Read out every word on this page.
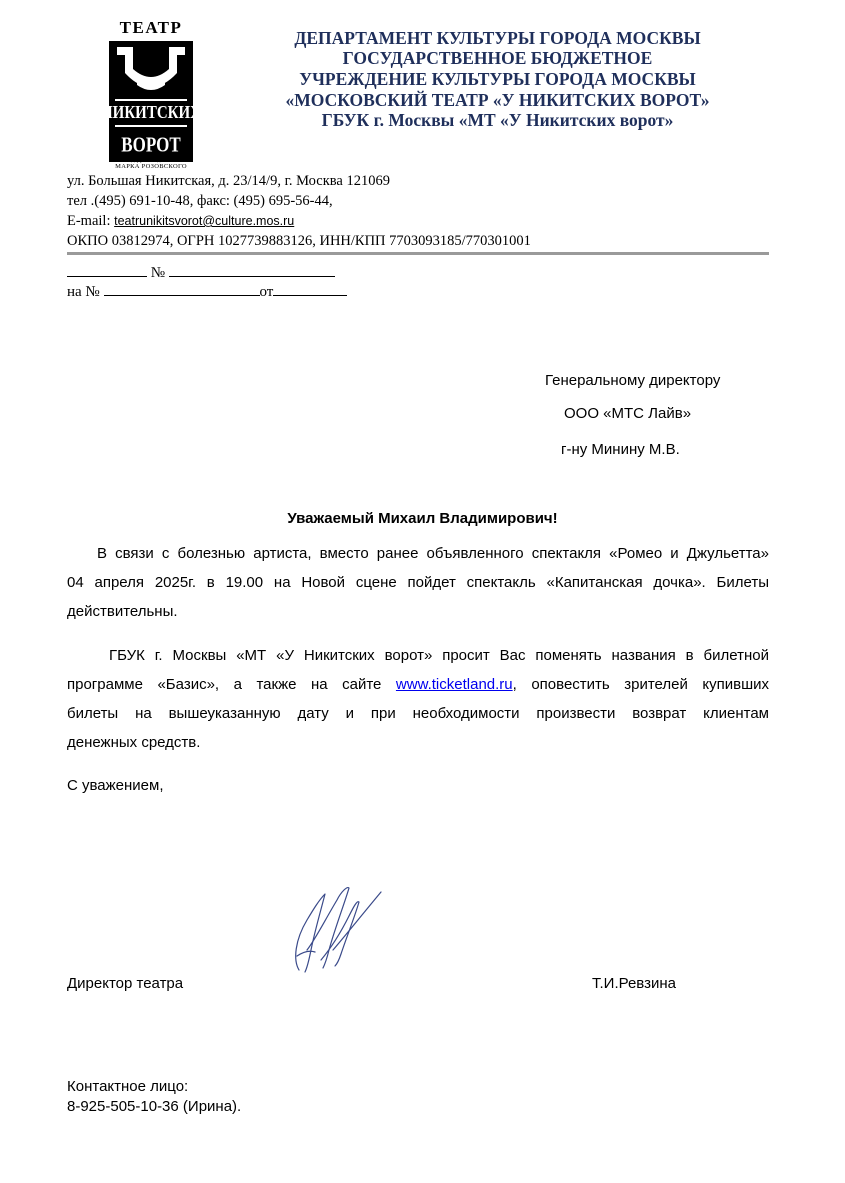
ТЕАТР
НИКИТСКИХ
ВОРОТ
под руководством
МАРКА РОЗОВСКОГО
ДЕПАРТАМЕНТ КУЛЬТУРЫ ГОРОДА МОСКВЫ
ГОСУДАРСТВЕННОЕ БЮДЖЕТНОЕ
УЧРЕЖДЕНИЕ КУЛЬТУРЫ ГОРОДА МОСКВЫ
«МОСКОВСКИЙ ТЕАТР «У НИКИТСКИХ ВОРОТ»
ГБУК г. Москвы «МТ «У Никитских ворот»
ул. Большая Никитская, д. 23/14/9, г. Москва 121069
тел .(495) 691-10-48, факс: (495) 695-56-44,
E-mail: teatrunikitsvorot@culture.mos.ru
ОКПО 03812974, ОГРН 1027739883126, ИНН/КПП 7703093185/770301001
№
на №	от
Генеральному директору
ООО «МТС Лайв»
г-ну Минину М.В.
Уважаемый Михаил Владимирович!
В связи с болезнью артиста, вместо ранее объявленного спектакля «Ромео и Джульетта»
04 апреля 2025г. в 19.00 на Новой сцене пойдет спектакль «Капитанская дочка». Билеты
действительны.
ГБУК г. Москвы «МТ «У Никитских ворот» просит Вас поменять названия в билетной
программе «Базис», а также на сайте www.ticketland.ru, оповестить зрителей купивших
билеты на вышеуказанную дату и при необходимости произвести возврат клиентам
денежных средств.
С уважением,
Директор театра	Т.И.Ревзина
Контактное лицо:
8-925-505-10-36 (Ирина).
